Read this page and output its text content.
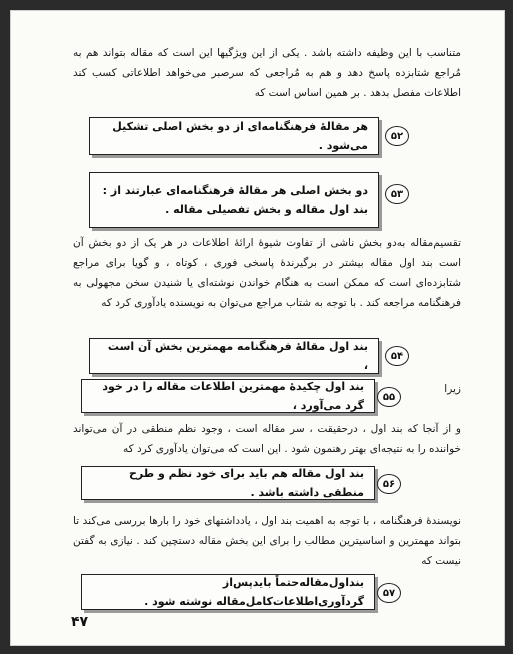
متناسب با این وظیفه داشته باشد . یکی از این ویژگیها این است که مقاله بتواند هم به مُراجع شتابزده پاسخ دهد و هم به مُراجعی که سرصبر می‌خواهد اطلاعاتی کسب کند اطلاعات مفصل بدهد . بر همین اساس است که
هر مقالهٔ فرهنگنامه‌ای از دو بخش اصلی تشکیل می‌شود .
۵۲
دو بخش اصلی هر مقالهٔ فرهنگنامه‌ای عبارتند از : بند اول مقاله و بخش تفصیلی مقاله .
۵۳
تقسیم‌مقاله به‌دو بخش ناشی از تفاوت شیوهٔ ارائهٔ اطلاعات در هر یک از دو بخش آن است بند اول مقاله بیشتر در برگیرندهٔ پاسخی فوری ، کوتاه ، و گویا برای مراجع شتابزده‌ای است که ممکن است به هنگام خواندن نوشته‌ای یا شنیدن سخن مجهولی به فرهنگنامه مراجعه کند . با توجه به شتاب مراجع می‌توان به نویسنده یادآوری کرد که
بند اول مقالهٔ فرهنگنامه مهمترین بخش آن است ،
۵۴
زیرا
بند اول چکیدهٔ مهمترین اطلاعات مقاله را در خود گرد می‌آورد ،
۵۵
و از آنجا که بند اول ، درحقیقت ، سر مقاله است ، وجود نظم منطقی در آن می‌تواند خواننده را به نتیجه‌ای بهتر رهنمون شود . این است که می‌توان یادآوری کرد که
بند اول مقاله هم باید برای خود نظم و طرح منطقی داشته باشد .
۵۶
نویسندهٔ فرهنگنامه ، با توجه به اهمیت بند اول ، یادداشتهای خود را بارها بررسی می‌کند تا بتواند مهمترین و اساسیترین مطالب را برای این بخش مقاله دستچین کند . نیازی به گفتن نیست که
بنداول‌مقاله‌حتماً باید‌پس‌از گردآوری‌اطلاعات‌کامل‌مقاله نوشته شود .
۵۷
۴۷
